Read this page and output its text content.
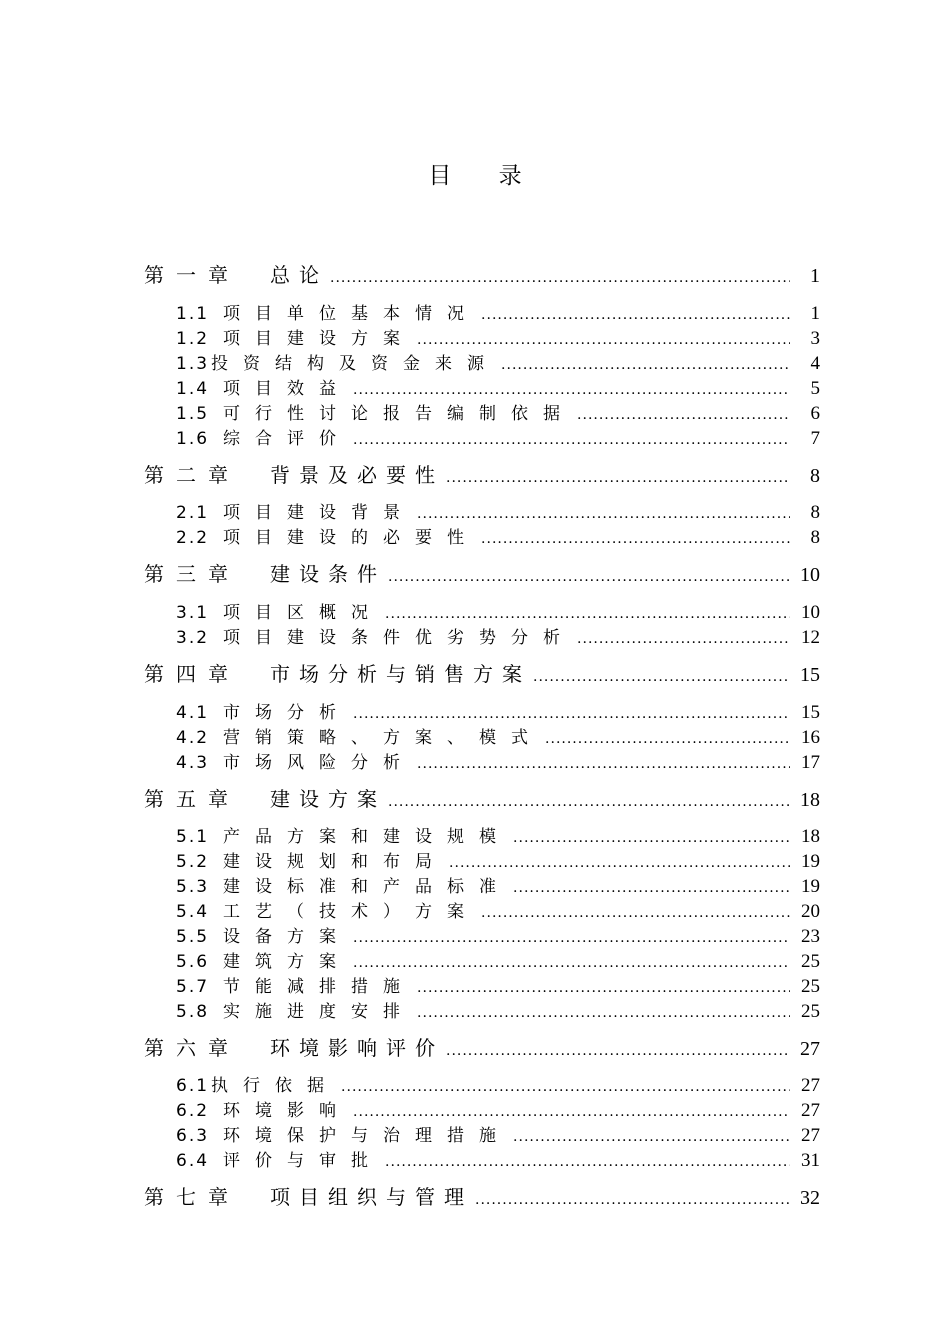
目 录
第一章 总论 .....	1
1.1 项目单位基本情况 .....	1
1.2 项目建设方案 .....	3
1.3 投资结构及资金来源 .....	4
1.4 项目效益 .....	5
1.5 可行性讨论报告编制依据 .....	6
1.6 综合评价 .....	7
第二章 背景及必要性 .....	8
2.1 项目建设背景 .....	8
2.2 项目建设的必要性 .....	8
第三章 建设条件 .....	10
3.1 项目区概况 .....	10
3.2 项目建设条件优劣势分析 .....	12
第四章 市场分析与销售方案 .....	15
4.1 市场分析 .....	15
4.2 营销策略、方案、模式 .....	16
4.3 市场风险分析 .....	17
第五章 建设方案 .....	18
5.1 产品方案和建设规模 .....	18
5.2 建设规划和布局 .....	19
5.3 建设标准和产品标准 .....	19
5.4 工艺（技术）方案 .....	20
5.5 设备方案 .....	23
5.6 建筑方案 .....	25
5.7 节能减排措施 .....	25
5.8 实施进度安排 .....	25
第六章 环境影响评价 .....	27
6.1 执行依据 .....	27
6.2 环境影响 .....	27
6.3 环境保护与治理措施 .....	27
6.4 评价与审批 .....	31
第七章 项目组织与管理 .....	32
